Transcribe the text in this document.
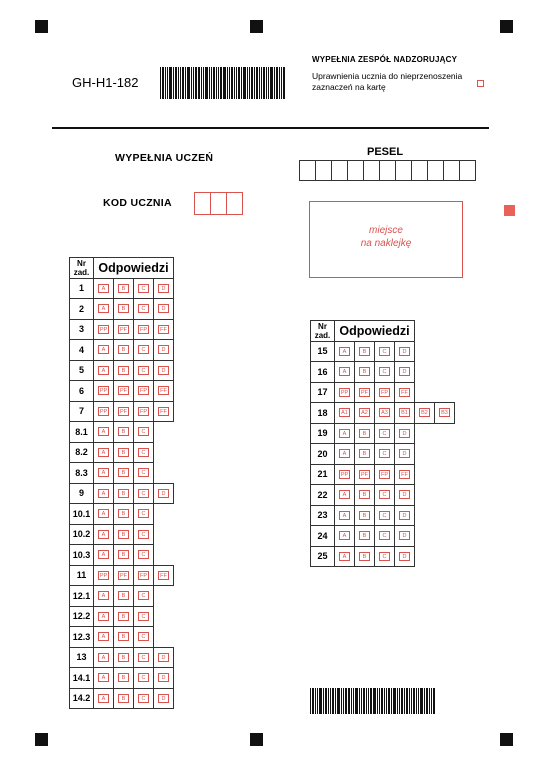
GH-H1-182
WYPEŁNIA ZESPÓŁ NADZORUJĄCY
Uprawnienia ucznia do nieprzenoszenia zaznaczeń na kartę
WYPEŁNIA UCZEŃ	PESEL
KOD UCZNIA
miejsce
na naklejkę
Nr
zad.	Odpowiedzi			
1	A	B	C	D
2	A	B	C	D
3	PP	PF	FP	FF
4	A	B	C	D
5	A	B	C	D
6	PP	PF	FP	FF
7	PP	PF	FP	FF
8.1	A	B	C	
8.2	A	B	C	
8.3	A	B	C	
9	A	B	C	D
10.1	A	B	C	
10.2	A	B	C	
10.3	A	B	C	
11	PP	PF	FP	FF
12.1	A	B	C	
12.2	A	B	C	
12.3	A	B	C	
13	A	B	C	D
14.1	A	B	C	D
14.2	A	B	C	D
Nr
zad.	Odpowiedzi					
15	A	B	C	D		
16	A	B	C	D		
17	PP	PF	FP	FF		
18	A1	A2	A3	B1	B2	B3
19	A	B	C	D		
20	A	B	C	D		
21	PP	PF	FP	FF		
22	A	B	C	D		
23	A	B	C	D		
24	A	B	C	D		
25	A	B	C	D		
